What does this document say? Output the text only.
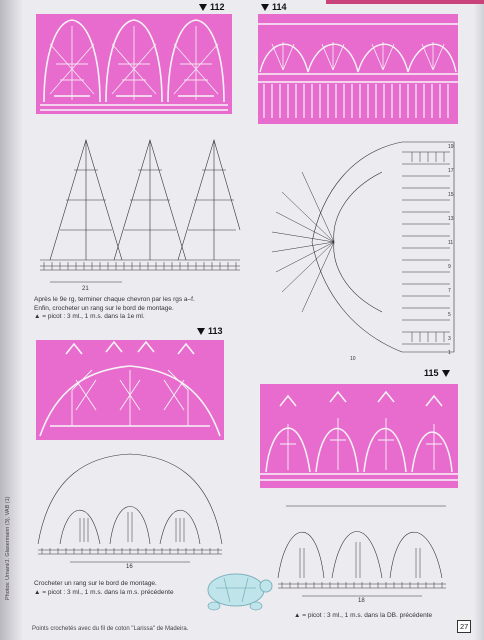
112
21
Après le 9e rg, terminer chaque chevron par les rgs a–f.
Enfin, crocheter un rang sur le bord de montage.
▲ = picot : 3 ml., 1 m.s. dans la 1e ml.
114
19
17
15
13
11
9
7
5
3
1
10
113
16
Crocheter un rang sur le bord de montage.
▲ = picot : 3 ml., 1 m.s. dans la m.s. précédente
115
18
▲ = picot : 3 ml., 1 m.s. dans la DB. précédente
Points crochetés avec du fil de coton "Larissa" de Madeira.	27
